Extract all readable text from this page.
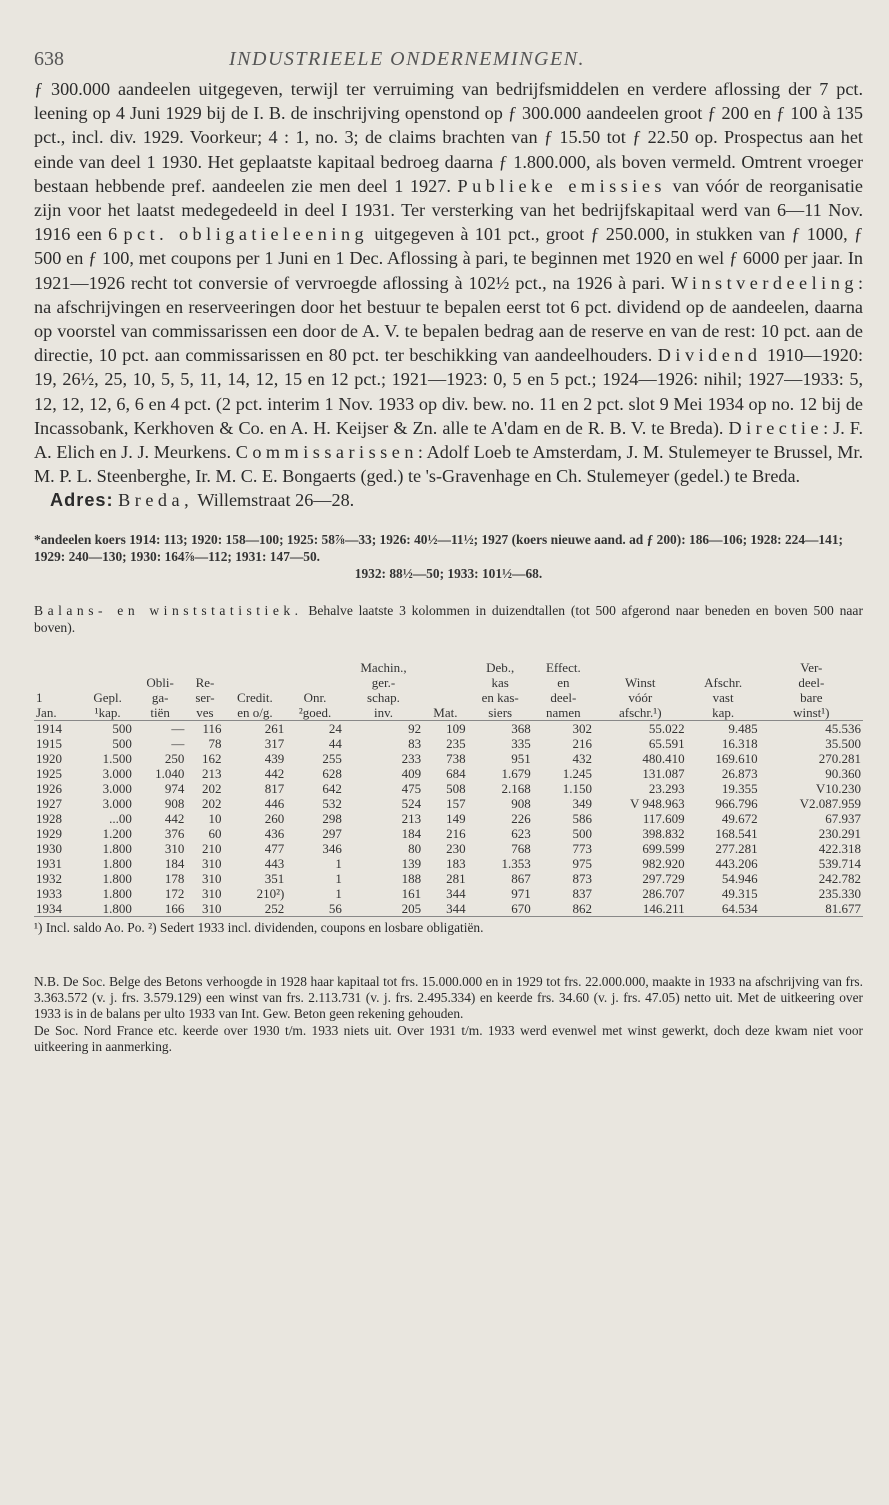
638	INDUSTRIEELE ONDERNEMINGEN.

ƒ 300.000 aandeelen uitgegeven, terwijl ter verruiming van bedrijfsmiddelen en verdere aflossing der 7 pct. leening op 4 Juni 1929 bij de I. B. de inschrijving openstond op ƒ 300.000 aandeelen groot ƒ 200 en ƒ 100 à 135 pct., incl. div. 1929. Voorkeur; 4 : 1, no. 3; de claims brachten van ƒ 15.50 tot ƒ 22.50 op. Prospectus aan het einde van deel 1 1930. Het geplaatste kapitaal bedroeg daarna ƒ 1.800.000, als boven vermeld. Omtrent vroeger bestaan hebbende pref. aandeelen zie men deel 1 1927. Publieke emissies van vóór de reorganisatie zijn voor het laatst medegedeeld in deel I 1931. Ter versterking van het bedrijfskapitaal werd van 6—11 Nov. 1916 een 6 pct. obligatieleening uitgegeven à 101 pct., groot ƒ 250.000, in stukken van ƒ 1000, ƒ 500 en ƒ 100, met coupons per 1 Juni en 1 Dec. Aflossing à pari, te beginnen met 1920 en wel ƒ 6000 per jaar. In 1921—1926 recht tot conversie of vervroegde aflossing à 102½ pct., na 1926 à pari. Winstverdeeling: na afschrijvingen en reserveeringen door het bestuur te bepalen eerst tot 6 pct. dividend op de aandeelen, daarna op voorstel van commissarissen een door de A. V. te bepalen bedrag aan de reserve en van de rest: 10 pct. aan de directie, 10 pct. aan commissarissen en 80 pct. ter beschikking van aandeelhouders. Dividend 1910—1920: 19, 26½, 25, 10, 5, 5, 11, 14, 12, 15 en 12 pct.; 1921—1923: 0, 5 en 5 pct.; 1924—1926: nihil; 1927—1933: 5, 12, 12, 12, 6, 6 en 4 pct. (2 pct. interim 1 Nov. 1933 op div. bew. no. 11 en 2 pct. slot 9 Mei 1934 op no. 12 bij de Incassobank, Kerkhoven & Co. en A. H. Keijser & Zn. alle te A'dam en de R. B. V. te Breda). Directie: J. F. A. Elich en J. J. Meurkens. Commissarissen: Adolf Loeb te Amsterdam, J. M. Stulemeyer te Brussel, Mr. M. P. L. Steenberghe, Ir. M. C. E. Bongaerts (ged.) te 's-Gravenhage en Ch. Stulemeyer (gedel.) te Breda.

Adres: Breda, Willemstraat 26—28.

*andeelen koers 1914: 113; 1920: 158—100; 1925: 58⅞—33; 1926: 40½—11½; 1927 (koers nieuwe aand. ad ƒ 200): 186—106; 1928: 224—141; 1929: 240—130; 1930: 164⅞—112; 1931: 147—50.
1932: 88½—50; 1933: 101½—68.
Balans- en winststatistiek. Behalve laatste 3 kolommen in duizendtallen (tot 500 afgerond naar beneden en boven 500 naar boven).
						Machin.,		Deb.,	Effect.			Ver-
		Obli-	Re-			ger.-		kas	en	Winst	Afschr.	deel-
1	Gepl.	ga-	ser-	Credit.	Onr.	schap.		en kas-	deel-	vóór	vast	bare
Jan.	¹kap.	tiën	ves	en o/g.	²goed.	inv.	Mat.	siers	namen	afschr.¹)	kap.	winst¹)
1914	500	—	116	261	24	92	109	368	302	55.022	9.485	45.536
1915	500	—	78	317	44	83	235	335	216	65.591	16.318	35.500
1920	1.500	250	162	439	255	233	738	951	432	480.410	169.610	270.281
1925	3.000	1.040	213	442	628	409	684	1.679	1.245	131.087	26.873	90.360
1926	3.000	974	202	817	642	475	508	2.168	1.150	23.293	19.355	V10.230
1927	3.000	908	202	446	532	524	157	908	349	V 948.963	966.796	V2.087.959
1928	...00	442	10	260	298	213	149	226	586	117.609	49.672	67.937
1929	1.200	376	60	436	297	184	216	623	500	398.832	168.541	230.291
1930	1.800	310	210	477	346	80	230	768	773	699.599	277.281	422.318
1931	1.800	184	310	443	1	139	183	1.353	975	982.920	443.206	539.714
1932	1.800	178	310	351	1	188	281	867	873	297.729	54.946	242.782
1933	1.800	172	310	210²)	1	161	344	971	837	286.707	49.315	235.330
1934	1.800	166	310	252	56	205	344	670	862	146.211	64.534	81.677
¹) Incl. saldo Ao. Po. ²) Sedert 1933 incl. dividenden, coupons en losbare obligatiën.

N.B. De Soc. Belge des Betons verhoogde in 1928 haar kapitaal tot frs. 15.000.000 en in 1929 tot frs. 22.000.000, maakte in 1933 na afschrijving van frs. 3.363.572 (v. j. frs. 3.579.129) een winst van frs. 2.113.731 (v. j. frs. 2.495.334) en keerde frs. 34.60 (v. j. frs. 47.05) netto uit. Met de uitkeering over 1933 is in de balans per ulto 1933 van Int. Gew. Beton geen rekening gehouden.

De Soc. Nord France etc. keerde over 1930 t/m. 1933 niets uit. Over 1931 t/m. 1933 werd evenwel met winst gewerkt, doch deze kwam niet voor uitkeering in aanmerking.
